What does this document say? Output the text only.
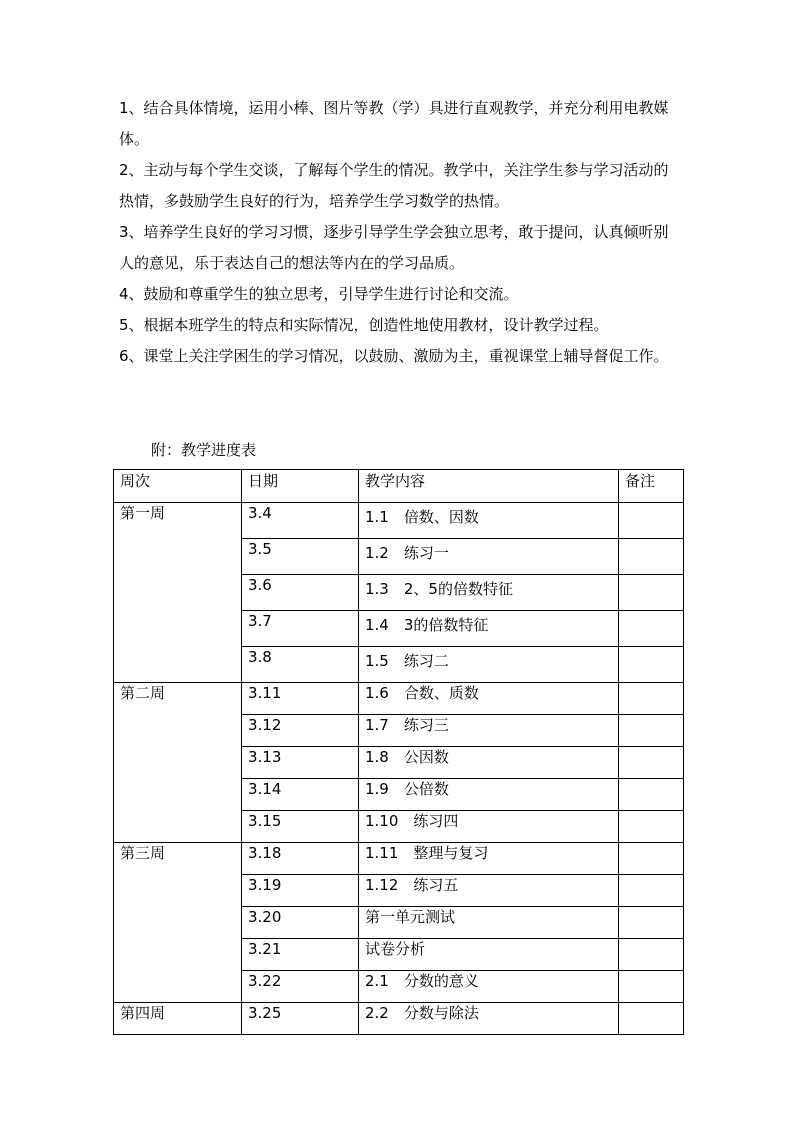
1、结合具体情境，运用小棒、图片等教（学）具进行直观教学，并充分利用电教媒体。

2、主动与每个学生交谈，了解每个学生的情况。教学中，关注学生参与学习活动的热情，多鼓励学生良好的行为，培养学生学习数学的热情。

3、培养学生良好的学习习惯，逐步引导学生学会独立思考，敢于提问，认真倾听别人的意见，乐于表达自己的想法等内在的学习品质。

4、鼓励和尊重学生的独立思考，引导学生进行讨论和交流。

5、根据本班学生的特点和实际情况，创造性地使用教材，设计教学过程。

6、课堂上关注学困生的学习情况，以鼓励、激励为主，重视课堂上辅导督促工作。

附：教学进度表

周次	日期	教学内容	备注
第一周	3.4	1.1　倍数、因数	
	3.5	1.2　练习一	
	3.6	1.3　2、5的倍数特征	
	3.7	1.4　3的倍数特征	
	3.8	1.5　练习二	
第二周	3.11	1.6　合数、质数	
	3.12	1.7　练习三	
	3.13	1.8　公因数	
	3.14	1.9　公倍数	
	3.15	1.10　练习四	
第三周	3.18	1.11　整理与复习	
	3.19	1.12　练习五	
	3.20	第一单元测试	
	3.21	试卷分析	
	3.22	2.1　分数的意义	
第四周	3.25	2.2　分数与除法	
